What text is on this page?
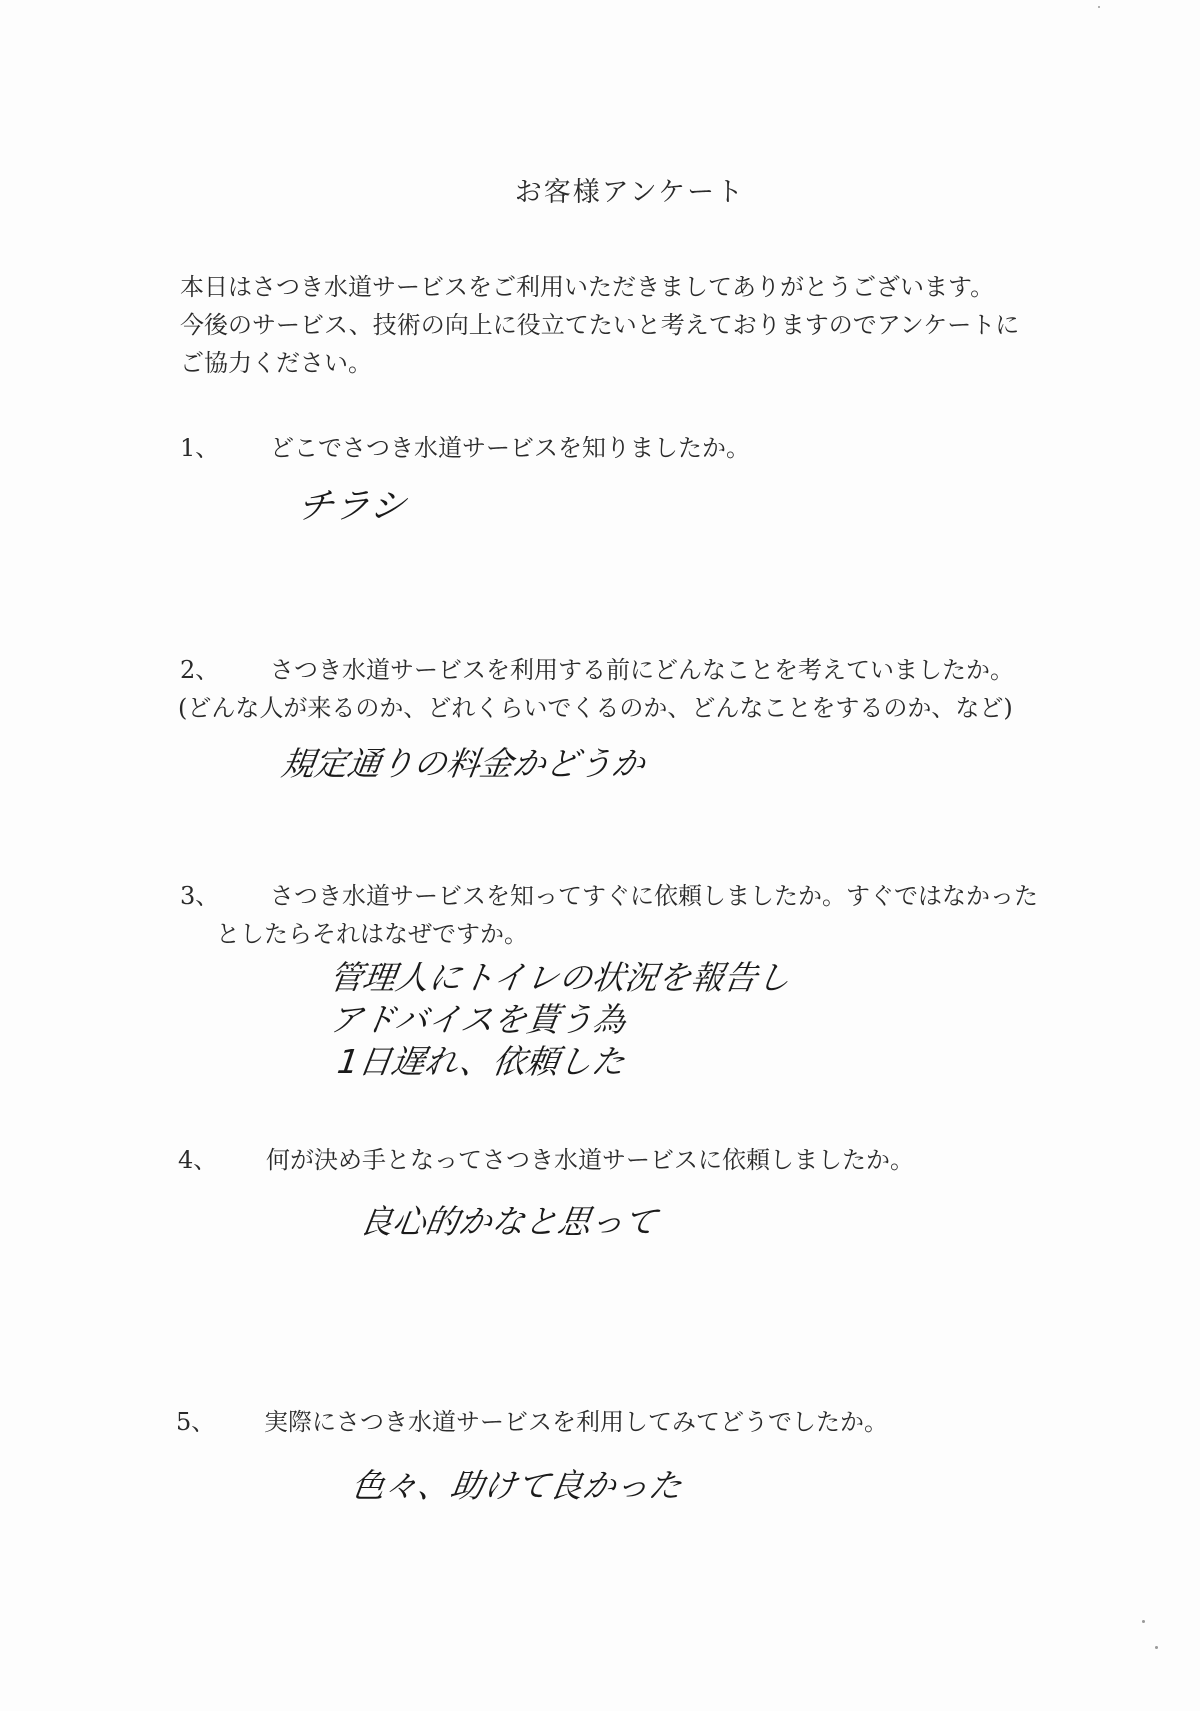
お客様アンケート
本日はさつき水道サービスをご利用いただきましてありがとうございます。
今後のサービス、技術の向上に役立てたいと考えておりますのでアンケートに
ご協力ください。
1、 どこでさつき水道サービスを知りましたか。
チラシ
2、 さつき水道サービスを利用する前にどんなことを考えていましたか。
(どんな人が来るのか、どれくらいでくるのか、どんなことをするのか、など)
規定通りの料金かどうか
3、 さつき水道サービスを知ってすぐに依頼しましたか。すぐではなかった
としたらそれはなぜですか。
管理人にトイレの状況を報告し
アドバイスを貰う為
1日遅れ、依頼した
4、 何が決め手となってさつき水道サービスに依頼しましたか。
良心的かなと思って
5、 実際にさつき水道サービスを利用してみてどうでしたか。
色々、助けて良かった
